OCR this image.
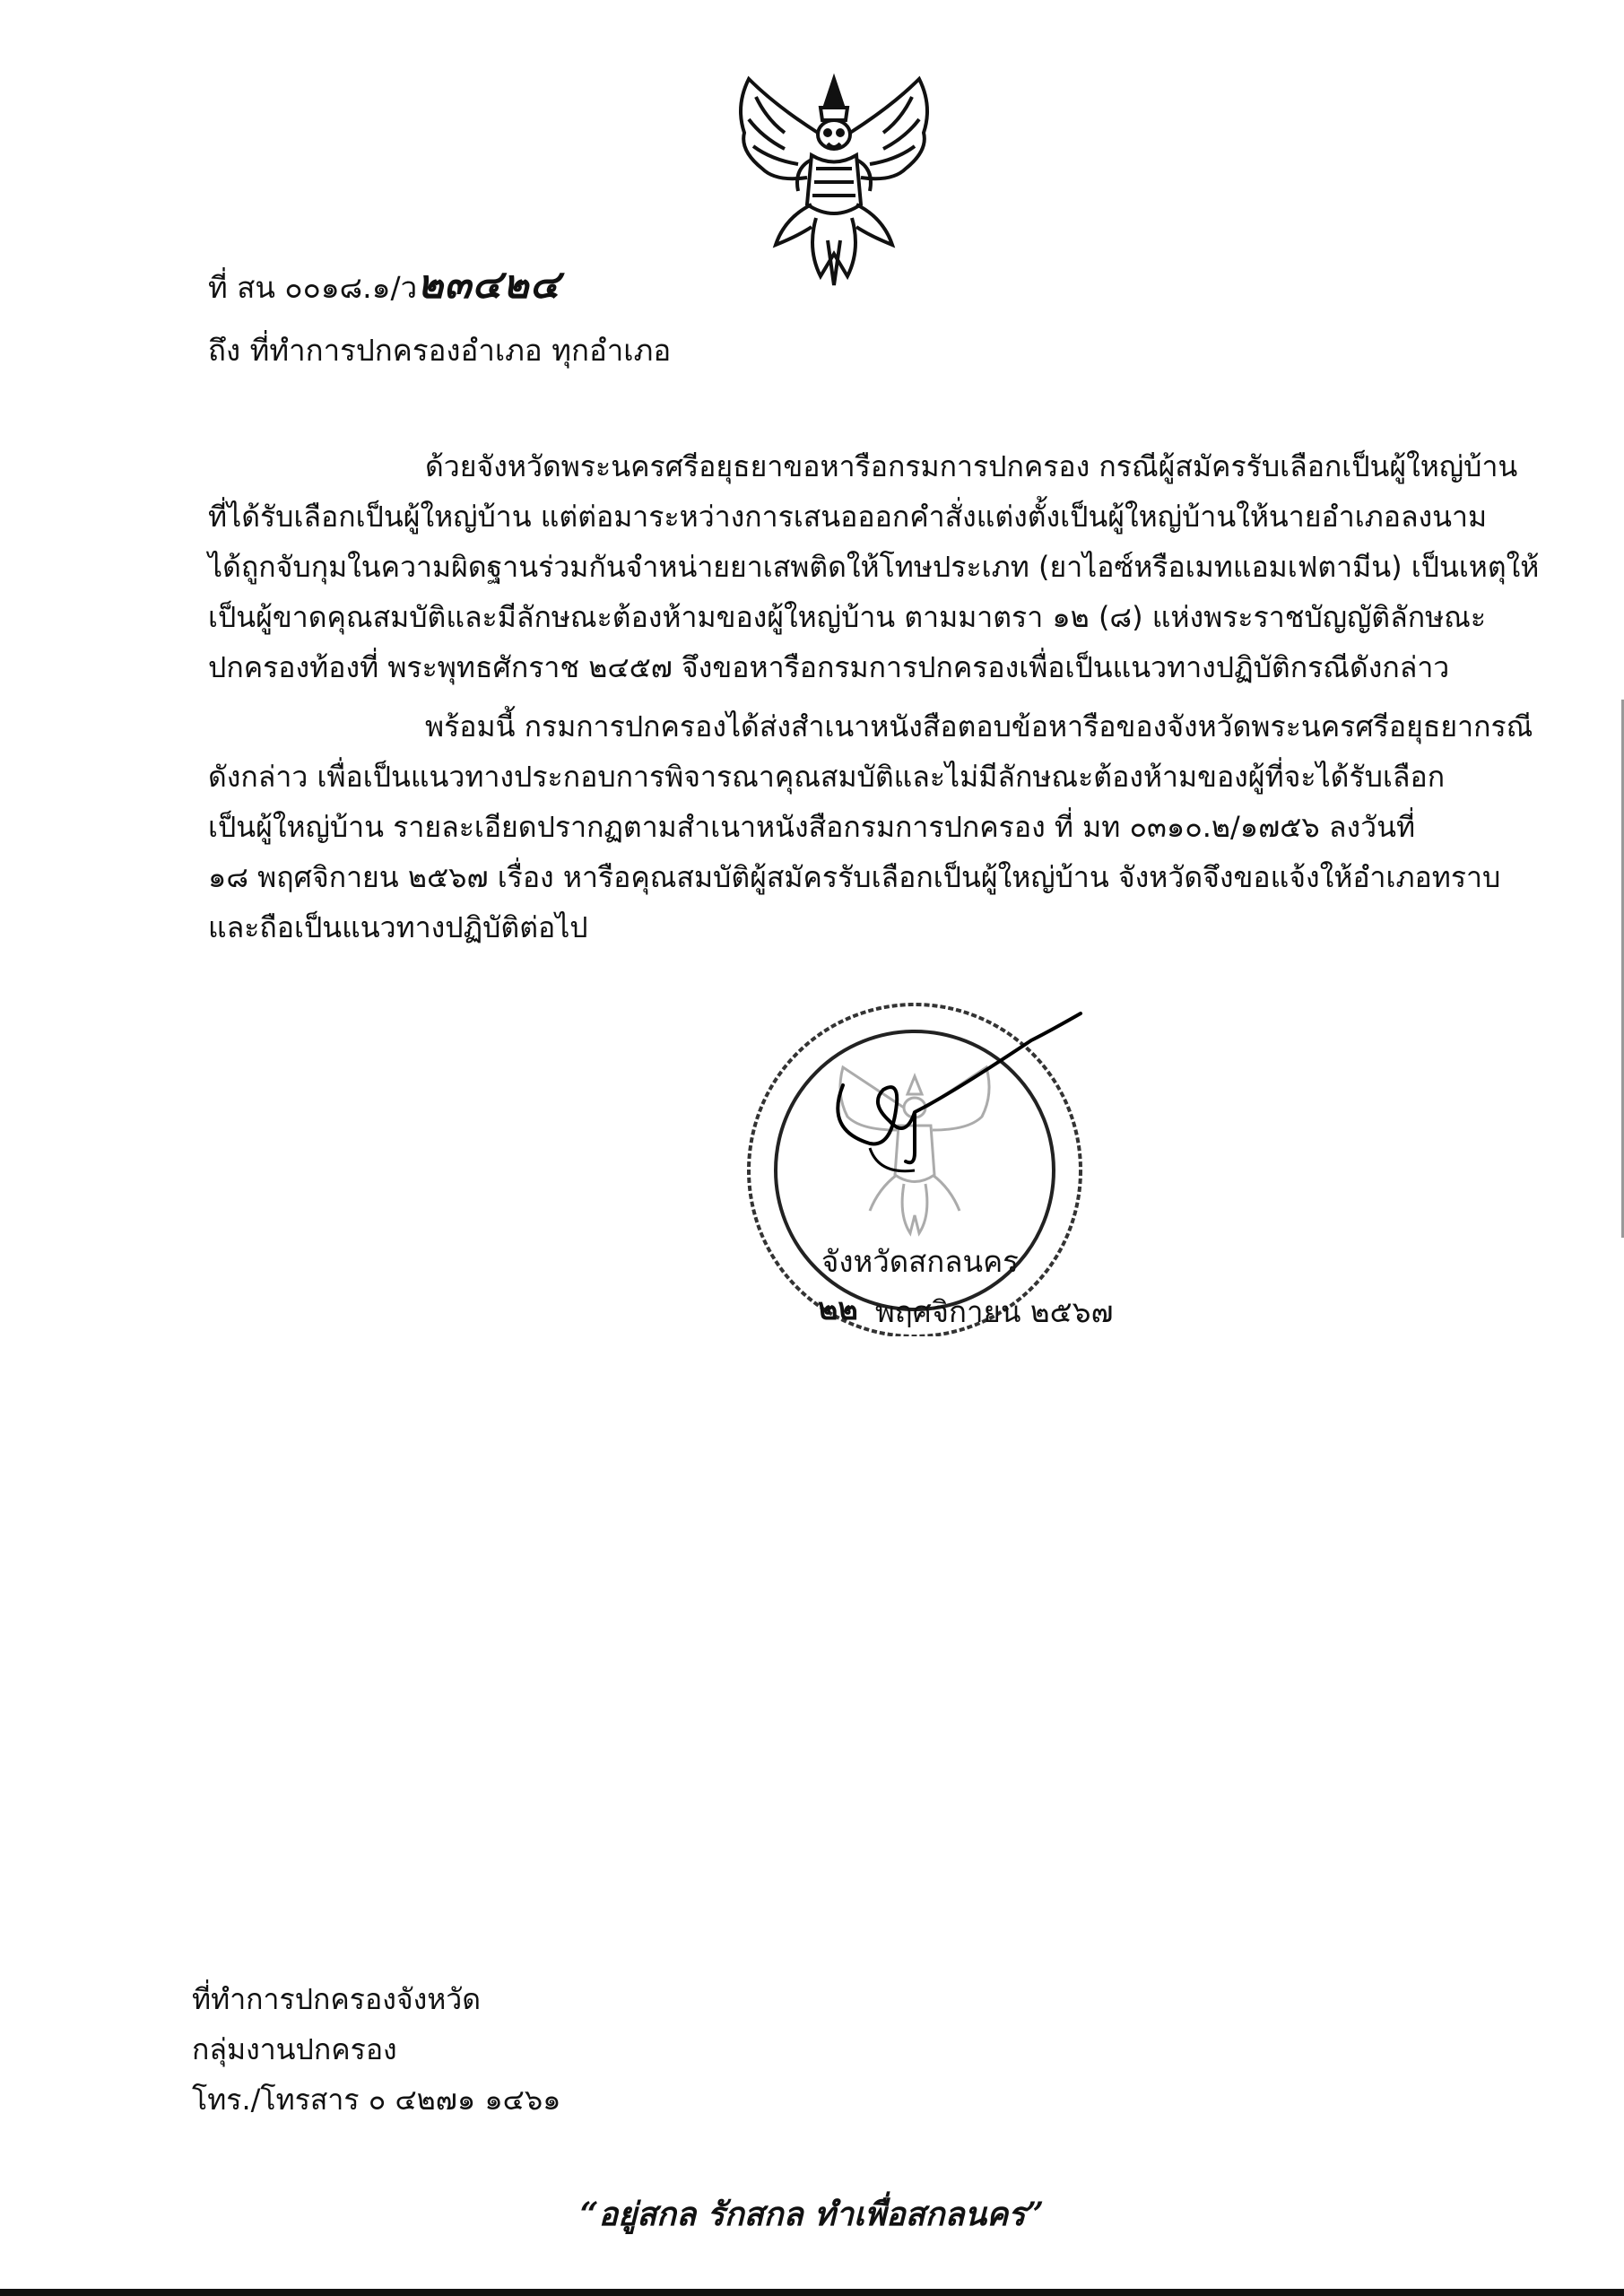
ที่ สน ๐๐๑๘.๑/ว๒๓๔๒๔
ถึง ที่ทำการปกครองอำเภอ ทุกอำเภอ
ด้วยจังหวัดพระนครศรีอยุธยาขอหารือกรมการปกครอง กรณีผู้สมัครรับเลือกเป็นผู้ใหญ่บ้าน
ที่ได้รับเลือกเป็นผู้ใหญ่บ้าน แต่ต่อมาระหว่างการเสนอออกคำสั่งแต่งตั้งเป็นผู้ใหญ่บ้านให้นายอำเภอลงนาม
ได้ถูกจับกุมในความผิดฐานร่วมกันจำหน่ายยาเสพติดให้โทษประเภท (ยาไอซ์หรือเมทแอมเฟตามีน) เป็นเหตุให้
เป็นผู้ขาดคุณสมบัติและมีลักษณะต้องห้ามของผู้ใหญ่บ้าน ตามมาตรา ๑๒ (๘) แห่งพระราชบัญญัติลักษณะ
ปกครองท้องที่ พระพุทธศักราช ๒๔๕๗ จึงขอหารือกรมการปกครองเพื่อเป็นแนวทางปฏิบัติกรณีดังกล่าว
พร้อมนี้ กรมการปกครองได้ส่งสำเนาหนังสือตอบข้อหารือของจังหวัดพระนครศรีอยุธยากรณี
ดังกล่าว เพื่อเป็นแนวทางประกอบการพิจารณาคุณสมบัติและไม่มีลักษณะต้องห้ามของผู้ที่จะได้รับเลือก
เป็นผู้ใหญ่บ้าน รายละเอียดปรากฏตามสำเนาหนังสือกรมการปกครอง ที่ มท ๐๓๑๐.๒/๑๗๕๖ ลงวันที่
๑๘ พฤศจิกายน ๒๕๖๗ เรื่อง หารือคุณสมบัติผู้สมัครรับเลือกเป็นผู้ใหญ่บ้าน จังหวัดจึงขอแจ้งให้อำเภอทราบ
และถือเป็นแนวทางปฏิบัติต่อไป
จังหวัดสกลนคร
๒๒ พฤศจิกายน ๒๕๖๗
ที่ทำการปกครองจังหวัด
กลุ่มงานปกครอง
โทร./โทรสาร ๐ ๔๒๗๑ ๑๔๖๑
“อยู่สกล รักสกล ทำเพื่อสกลนคร”
